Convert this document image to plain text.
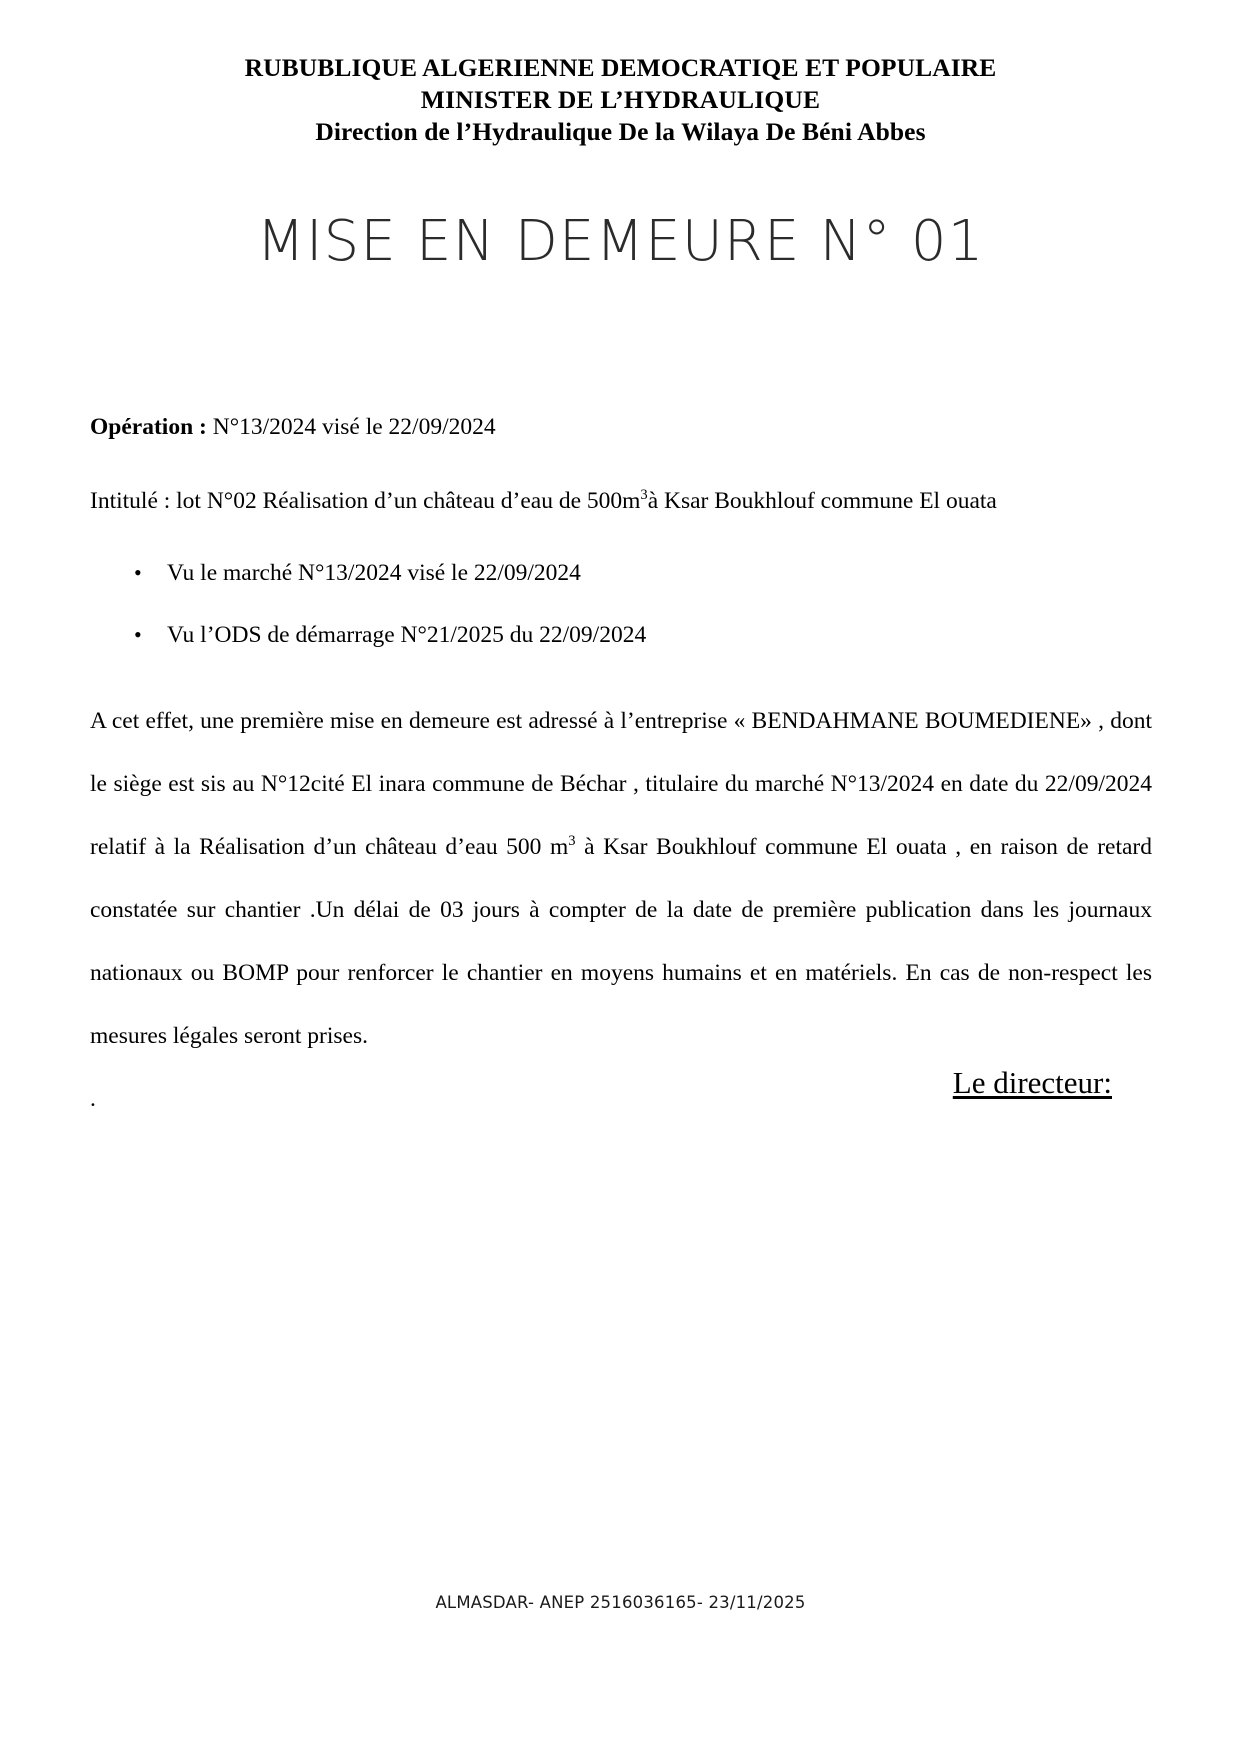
RUBUBLIQUE ALGERIENNE DEMOCRATIQE ET POPULAIRE
MINISTER DE L’HYDRAULIQUE
Direction de l’Hydraulique De la Wilaya De Béni Abbes
MISE EN DEMEURE N° 01
Opération : N°13/2024 visé le 22/09/2024
Intitulé : lot N°02 Réalisation d’un château d’eau de $500m^3à$ Ksar Boukhlouf commune El ouata
• Vu le marché N°13/2024 visé le 22/09/2024
• Vu l’ODS de démarrage N°21/2025 du 22/09/2024

A cet effet, une première mise en demeure est adressé à l’entreprise « BENDAHMANE BOUMEDIENE» , dont le siège est sis au N°12cité El inara commune de Béchar , titulaire du marché N°13/2024 en date du 22/09/2024 relatif à la Réalisation d’un château d’eau 500 $m^3$ à Ksar Boukhlouf commune El ouata , en raison de retard constatée sur chantier .Un délai de 03 jours à compter de la date de première publication dans les journaux nationaux ou BOMP pour renforcer le chantier en moyens humains et en matériels. En cas de non-respect les mesures légales seront prises.
.	Le directeur:
ALMASDAR- ANEP 2516036165- 23/11/2025
